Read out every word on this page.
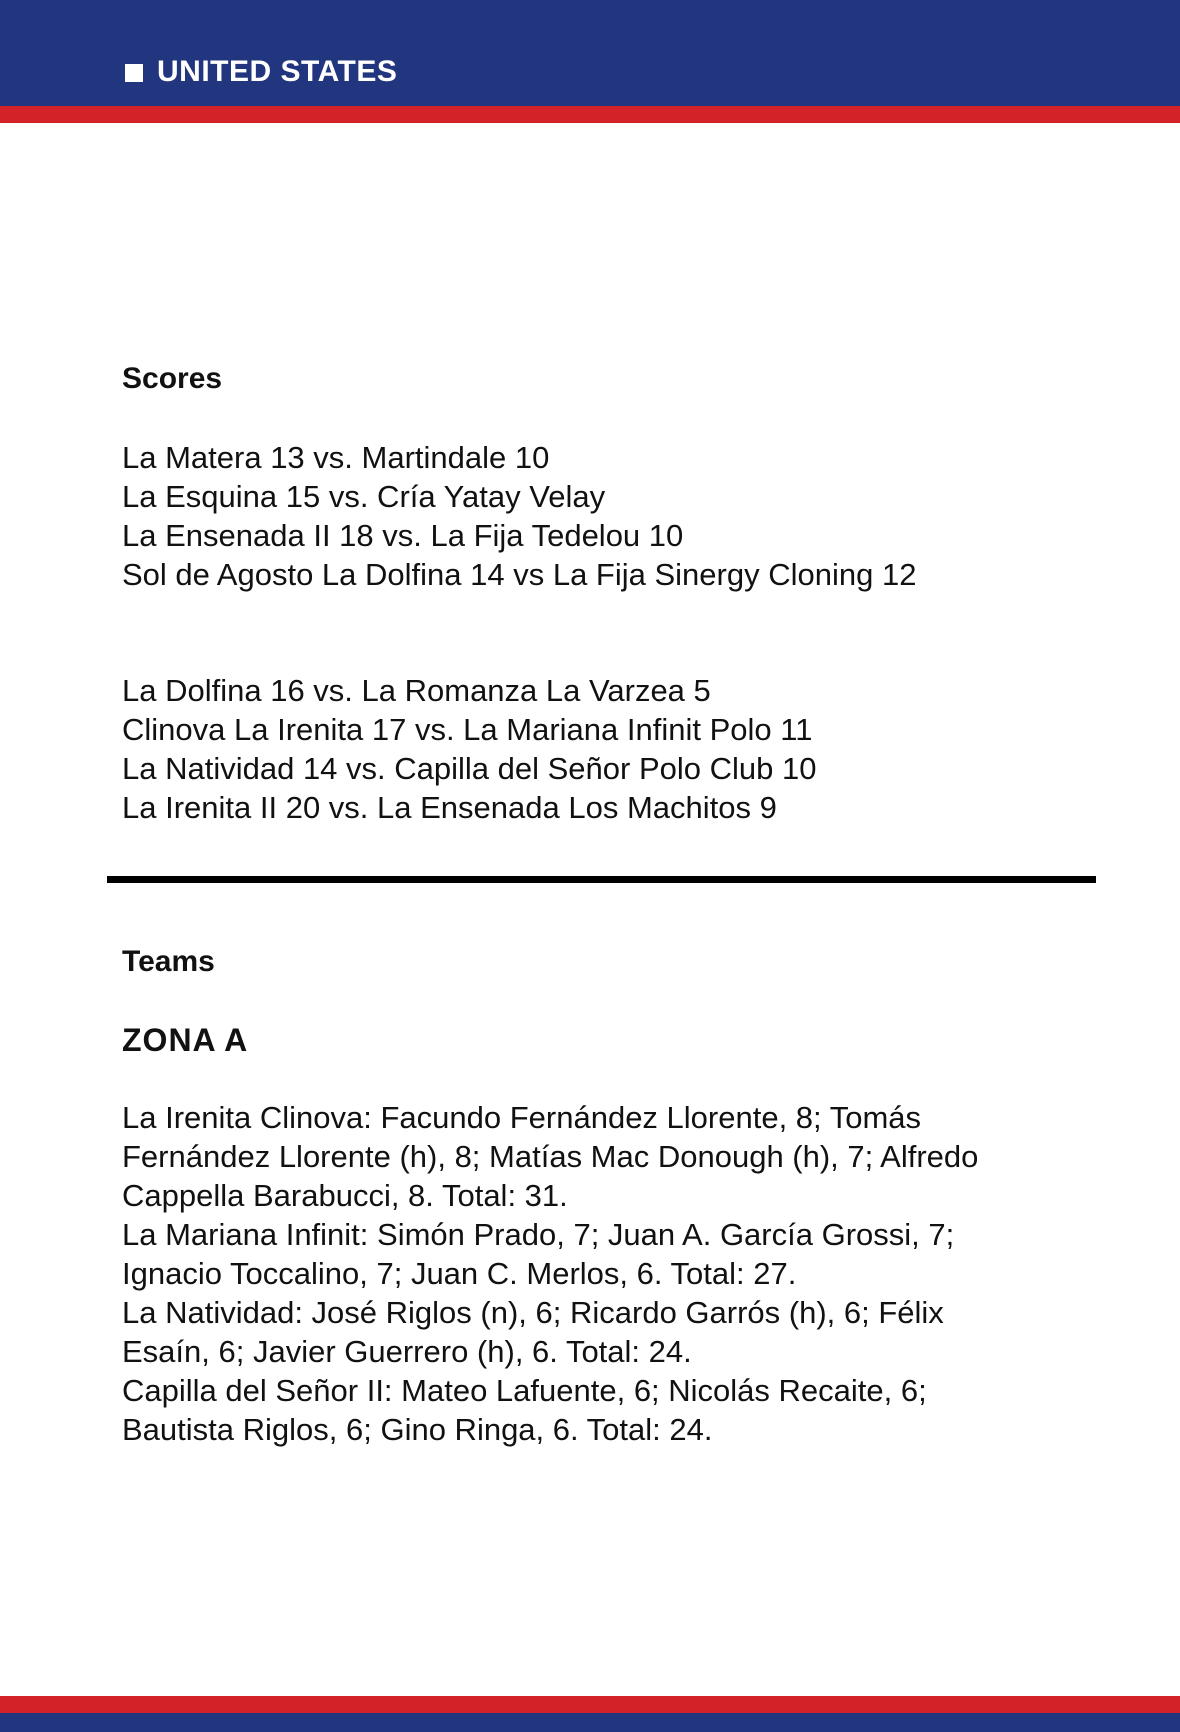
UNITED STATES
Scores
La Matera 13 vs. Martindale 10
La Esquina 15 vs. Cría Yatay Velay
La Ensenada II 18 vs. La Fija Tedelou 10
Sol de Agosto La Dolfina 14 vs La Fija Sinergy Cloning 12
La Dolfina 16 vs. La Romanza La Varzea 5
Clinova La Irenita 17 vs. La Mariana Infinit Polo 11
La Natividad 14 vs. Capilla del Señor Polo Club 10
La Irenita II 20 vs. La Ensenada Los Machitos 9
Teams
ZONA A
La Irenita Clinova: Facundo Fernández Llorente, 8; Tomás
Fernández Llorente (h), 8; Matías Mac Donough (h), 7; Alfredo
Cappella Barabucci, 8. Total: 31.
La Mariana Infinit: Simón Prado, 7; Juan A. García Grossi, 7;
Ignacio Toccalino, 7; Juan C. Merlos, 6. Total: 27.
La Natividad: José Riglos (n), 6; Ricardo Garrós (h), 6; Félix
Esaín, 6; Javier Guerrero (h), 6. Total: 24.
Capilla del Señor II: Mateo Lafuente, 6; Nicolás Recaite, 6;
Bautista Riglos, 6; Gino Ringa, 6. Total: 24.
